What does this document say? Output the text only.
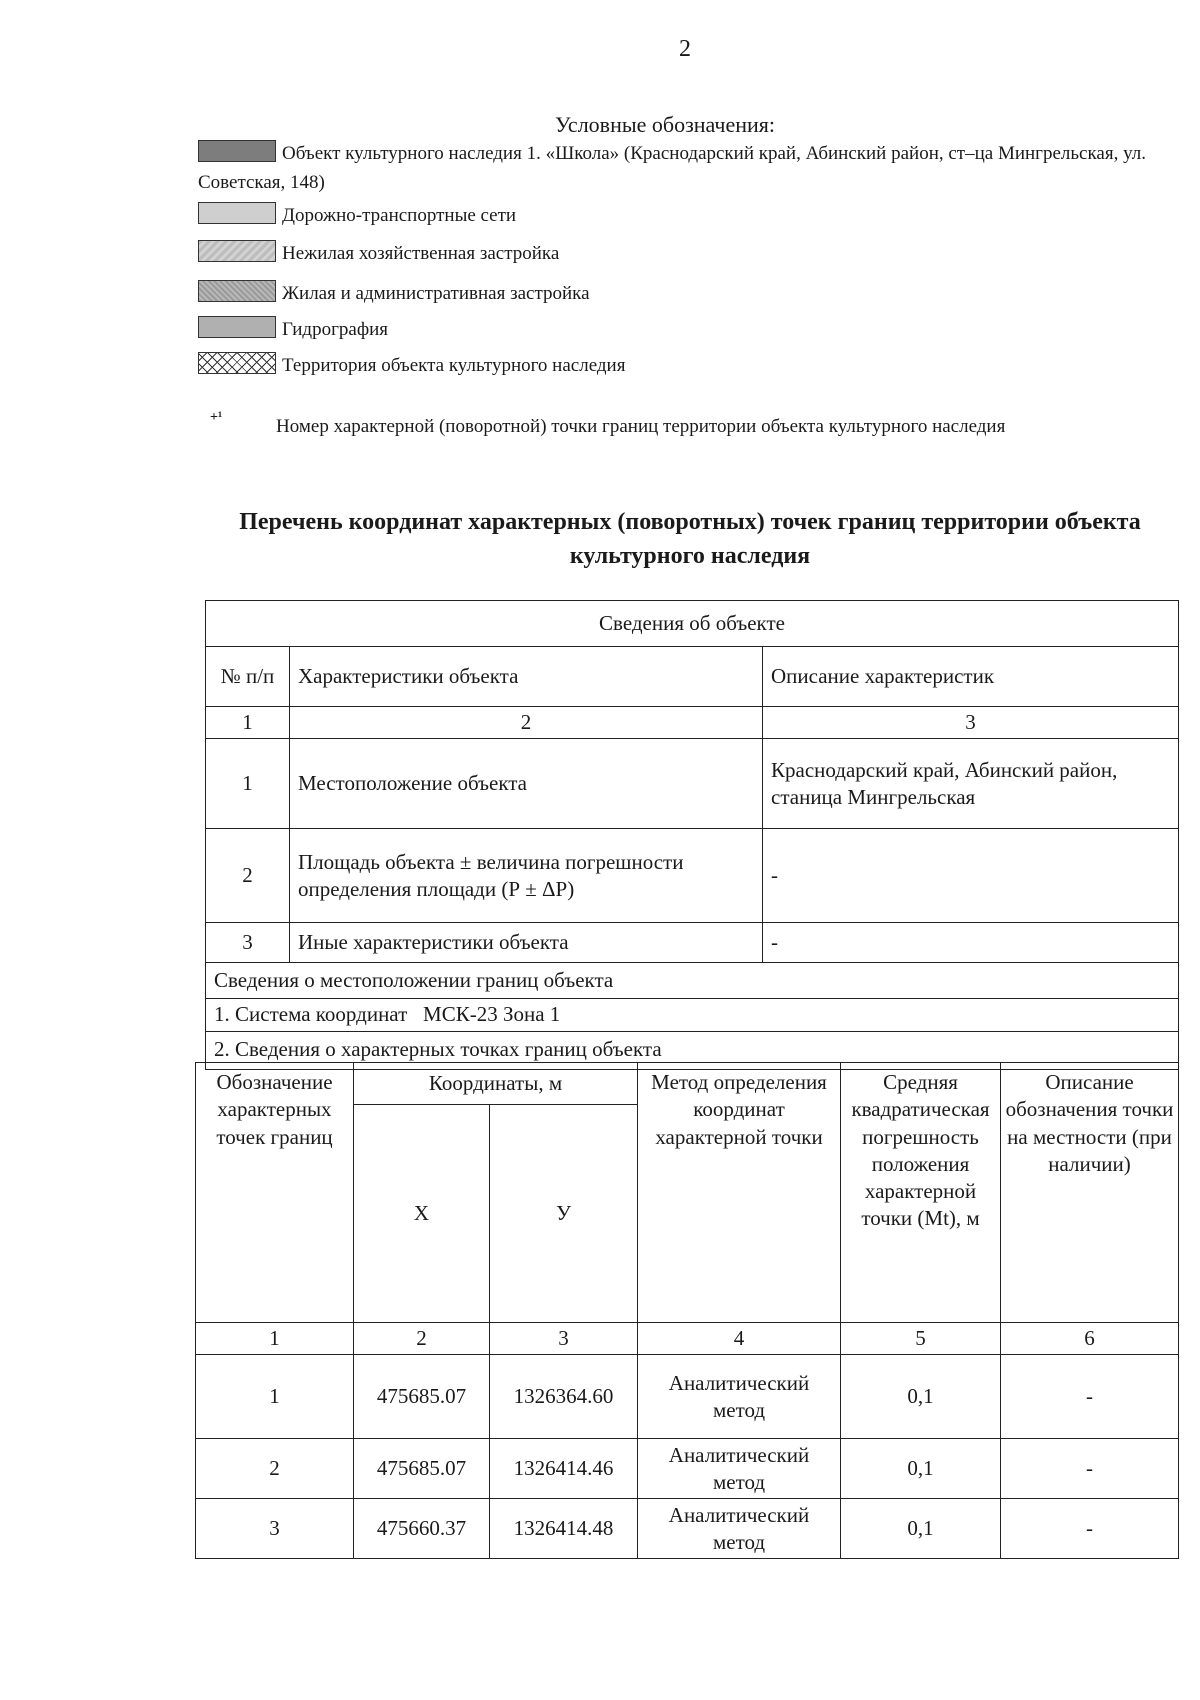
2
Условные обозначения:
Объект культурного наследия 1. «Школа» (Краснодарский край, Абинский район, ст–ца Мингрельская, ул. Советская, 148)
Дорожно-транспортные сети
Нежилая хозяйственная застройка
Жилая и административная застройка
Гидрография
Территория объекта культурного наследия
+¹	Номер характерной (поворотной) точки границ территории объекта культурного наследия
Перечень координат характерных (поворотных) точек границ территории объекта культурного наследия
Сведения об объекте		
№ п/п	Характеристики объекта	Описание характеристик
1	2	3
1	Местоположение объекта	Краснодарский край, Абинский район, станица Мингрельская
2	Площадь объекта ± величина погрешности определения площади (Р ± ΔР)	-
3	Иные характеристики объекта	-
Сведения о местоположении границ объекта		
1. Система координат МСК-23 Зона 1		
2. Сведения о характерных точках границ объекта		
Обозначение характерных точек границ	Координаты, м		Метод определения координат характерной точки	Средняя квадратическая погрешность положения характерной точки (Mt), м	Описание обозначения точки на местности (при наличии)
	Х	У			
1	2	3	4	5	6
1	475685.07	1326364.60	Аналитический метод	0,1	-
2	475685.07	1326414.46	Аналитический метод	0,1	-
3	475660.37	1326414.48	Аналитический метод	0,1	-
